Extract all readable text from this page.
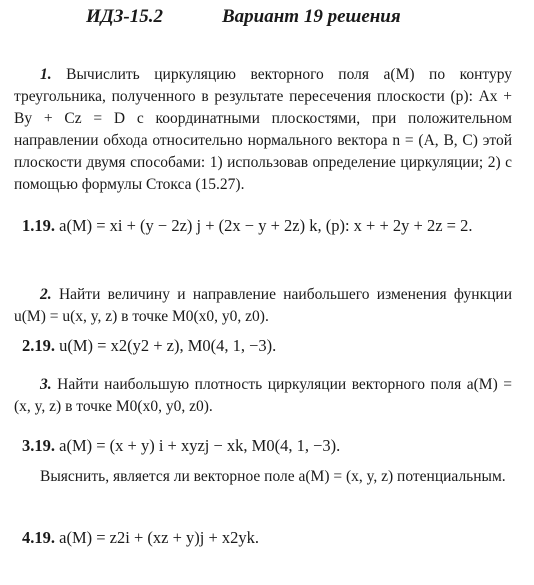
ИДЗ-15.2	Вариант 19 решения
1. Вычислить циркуляцию векторного поля a(M) по контуру треугольника, полученного в результате пересечения плоскости (p): Ax + By + Cz = D с координатными плоскостями, при положительном направлении обхода относительно нормального вектора n = (A, B, C) этой плоскости двумя способами: 1) использовав определение циркуляции; 2) с помощью формулы Стокса (15.27).
1.19. a(M) = xi + (y − 2z) j + (2x − y + 2z) k, (p): x + + 2y + 2z = 2.
2. Найти величину и направление наибольшего изменения функции u(M) = u(x, y, z) в точке M0(x0, y0, z0).
2.19. u(M) = x2(y2 + z), M0(4, 1, −3).
3. Найти наибольшую плотность циркуляции векторного поля a(M) = (x, y, z) в точке M0(x0, y0, z0).
3.19. a(M) = (x + y) i + xyzj − xk, M0(4, 1, −3).
Выяснить, является ли векторное поле a(M) = (x, y, z) потенциальным.
4.19. a(M) = z2i + (xz + y)j + x2yk.
